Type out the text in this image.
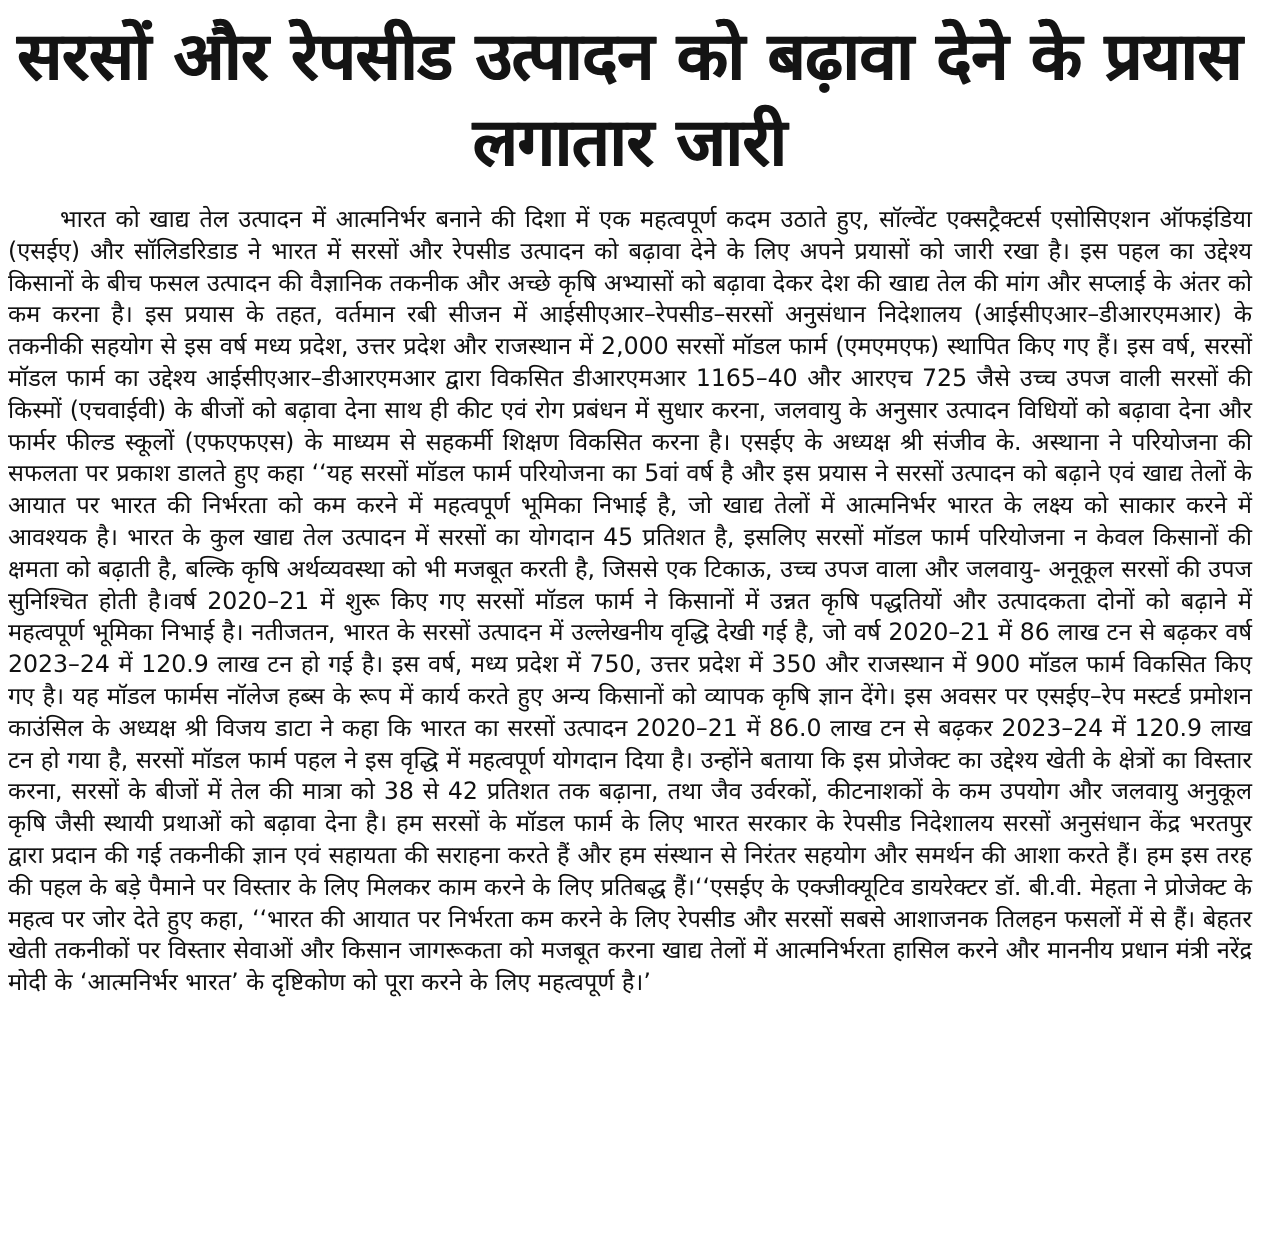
सरसों और रेपसीड उत्पादन को बढ़ावा देने के प्रयास लगातार जारी

भारत को खाद्य तेल उत्पादन में आत्मनिर्भर बनाने की दिशा में एक महत्वपूर्ण कदम उठाते हुए, सॉल्वेंट एक्सट्रैक्टर्स एसोसिएशन ऑफइंडिया (एसईए) और सॉलिडरिडाड ने भारत में सरसों और रेपसीड उत्पादन को बढ़ावा देने के लिए अपने प्रयासों को जारी रखा है। इस पहल का उद्देश्य किसानों के बीच फसल उत्पादन की वैज्ञानिक तकनीक और अच्छे कृषि अभ्यासों को बढ़ावा देकर देश की खाद्य तेल की मांग और सप्लाई के अंतर को कम करना है। इस प्रयास के तहत, वर्तमान रबी सीजन में आईसीएआर–रेपसीड–सरसों अनुसंधान निदेशालय (आईसीएआर–डीआरएमआर) के तकनीकी सहयोग से इस वर्ष मध्य प्रदेश, उत्तर प्रदेश और राजस्थान में 2,000 सरसों मॉडल फार्म (एमएमएफ) स्थापित किए गए हैं। इस वर्ष, सरसों मॉडल फार्म का उद्देश्य आईसीएआर–डीआरएमआर द्वारा विकसित डीआरएमआर 1165–40 और आरएच 725 जैसे उच्च उपज वाली सरसों की किस्मों (एचवाईवी) के बीजों को बढ़ावा देना साथ ही कीट एवं रोग प्रबंधन में सुधार करना, जलवायु के अनुसार उत्पादन विधियों को बढ़ावा देना और फार्मर फील्ड स्कूलों (एफएफएस) के माध्यम से सहकर्मी शिक्षण विकसित करना है। एसईए के अध्यक्ष श्री संजीव के. अस्थाना ने परियोजना की सफलता पर प्रकाश डालते हुए कहा ‘‘यह सरसों मॉडल फार्म परियोजना का 5वां वर्ष है और इस प्रयास ने सरसों उत्पादन को बढ़ाने एवं खाद्य तेलों के आयात पर भारत की निर्भरता को कम करने में महत्वपूर्ण भूमिका निभाई है, जो खाद्य तेलों में आत्मनिर्भर भारत के लक्ष्य को साकार करने में आवश्यक है। भारत के कुल खाद्य तेल उत्पादन में सरसों का योगदान 45 प्रतिशत है, इसलिए सरसों मॉडल फार्म परियोजना न केवल किसानों की क्षमता को बढ़ाती है, बल्कि कृषि अर्थव्यवस्था को भी मजबूत करती है, जिससे एक टिकाऊ, उच्च उपज वाला और जलवायु- अनूकूल सरसों की उपज सुनिश्चित होती है।वर्ष 2020–21 में शुरू किए गए सरसों मॉडल फार्म ने किसानों में उन्नत कृषि पद्धतियों और उत्पादकता दोनों को बढ़ाने में महत्वपूर्ण भूमिका निभाई है। नतीजतन, भारत के सरसों उत्पादन में उल्लेखनीय वृद्धि देखी गई है, जो वर्ष 2020–21 में 86 लाख टन से बढ़कर वर्ष 2023–24 में 120.9 लाख टन हो गई है। इस वर्ष, मध्य प्रदेश में 750, उत्तर प्रदेश में 350 और राजस्थान में 900 मॉडल फार्म विकसित किए गए है। यह मॉडल फार्मस नॉलेज हब्स के रूप में कार्य करते हुए अन्य किसानों को व्यापक कृषि ज्ञान देंगे। इस अवसर पर एसईए–रेप मस्टर्ड प्रमोशन काउंसिल के अध्यक्ष श्री विजय डाटा ने कहा कि भारत का सरसों उत्पादन 2020–21 में 86.0 लाख टन से बढ़कर 2023–24 में 120.9 लाख टन हो गया है, सरसों मॉडल फार्म पहल ने इस वृद्धि में महत्वपूर्ण योगदान दिया है। उन्होंने बताया कि इस प्रोजेक्ट का उद्देश्य खेती के क्षेत्रों का विस्तार करना, सरसों के बीजों में तेल की मात्रा को 38 से 42 प्रतिशत तक बढ़ाना, तथा जैव उर्वरकों, कीटनाशकों के कम उपयोग और जलवायु अनुकूल कृषि जैसी स्थायी प्रथाओं को बढ़ावा देना है। हम सरसों के मॉडल फार्म के लिए भारत सरकार के रेपसीड निदेशालय सरसों अनुसंधान केंद्र भरतपुर द्वारा प्रदान की गई तकनीकी ज्ञान एवं सहायता की सराहना करते हैं और हम संस्थान से निरंतर सहयोग और समर्थन की आशा करते हैं। हम इस तरह की पहल के बड़े पैमाने पर विस्तार के लिए मिलकर काम करने के लिए प्रतिबद्ध हैं।‘‘एसईए के एक्जीक्यूटिव डायरेक्टर डॉ. बी.वी. मेहता ने प्रोजेक्ट के महत्व पर जोर देते हुए कहा, ‘‘भारत की आयात पर निर्भरता कम करने के लिए रेपसीड और सरसों सबसे आशाजनक तिलहन फसलों में से हैं। बेहतर खेती तकनीकों पर विस्तार सेवाओं और किसान जागरूकता को मजबूत करना खाद्य तेलों में आत्मनिर्भरता हासिल करने और माननीय प्रधान मंत्री नरेंद्र मोदी के ‘आत्मनिर्भर भारत’ के दृष्टिकोण को पूरा करने के लिए महत्वपूर्ण है।’
